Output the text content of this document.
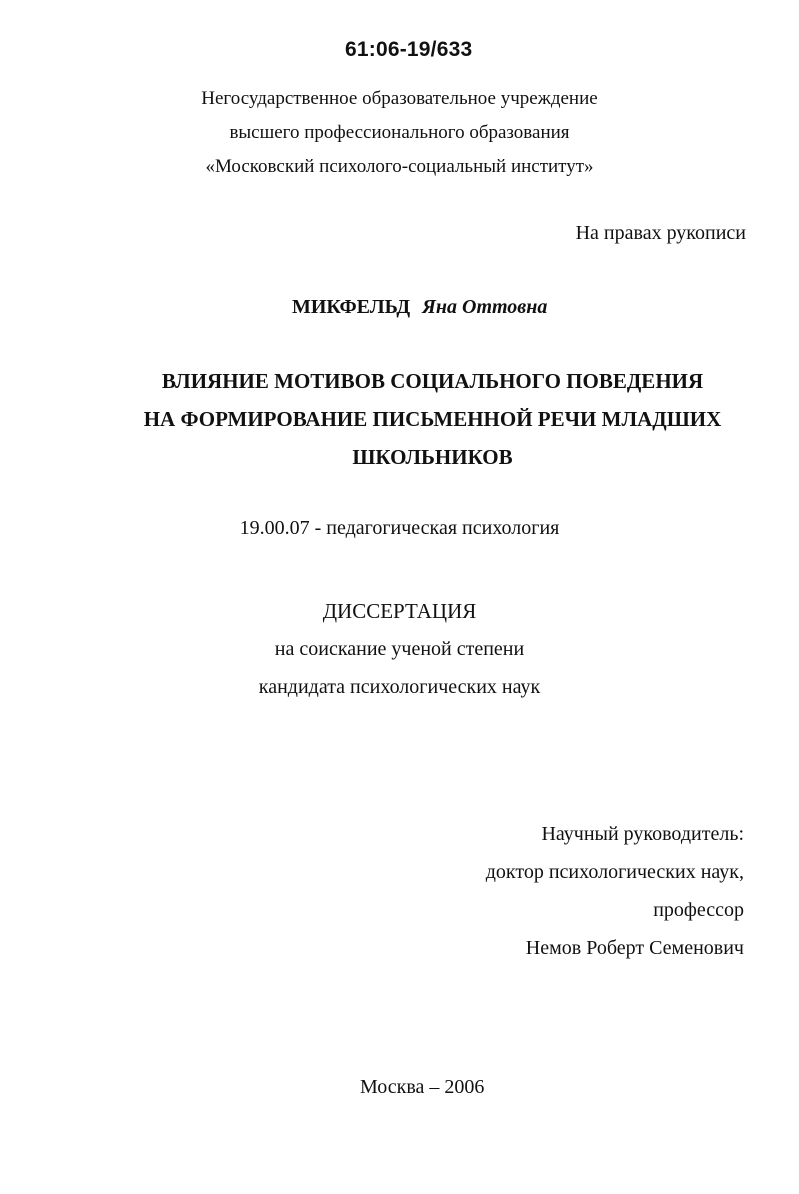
61:06-19/633
Негосударственное образовательное учреждение
высшего профессионального образования
«Московский психолого-социальный институт»
На правах рукописи
МИКФЕЛЬД Яна Оттовна
ВЛИЯНИЕ МОТИВОВ СОЦИАЛЬНОГО ПОВЕДЕНИЯ
НА ФОРМИРОВАНИЕ ПИСЬМЕННОЙ РЕЧИ МЛАДШИХ
ШКОЛЬНИКОВ
19.00.07 - педагогическая психология
ДИССЕРТАЦИЯ
на соискание ученой степени
кандидата психологических наук
Научный руководитель:
доктор психологических наук,
профессор
Немов Роберт Семенович
Москва – 2006
